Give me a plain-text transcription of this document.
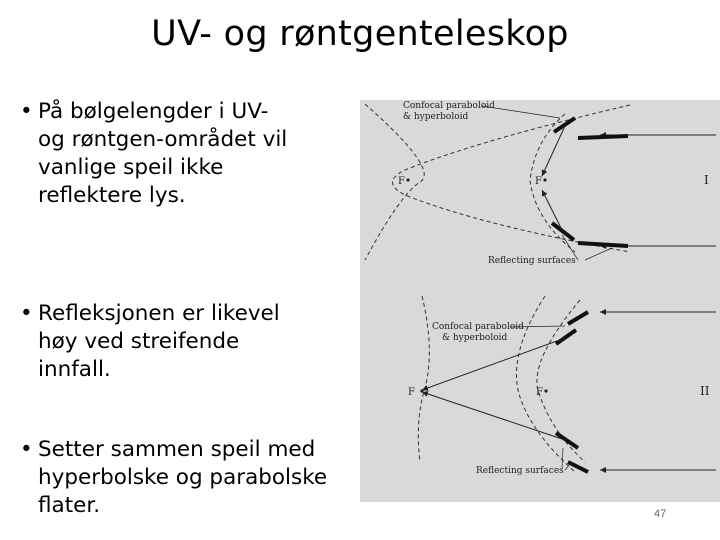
UV- og røntgenteleskop
• På bølgelengder i UV- og røntgen-området vil vanlige speil ikke reflektere lys.
• Refleksjonen er likevel høy ved streifende innfall.
• Setter sammen speil med hyperbolske og parabolske flater.
Confocal paraboloid
& hyperboloid
Reflecting surfaces
F	F	I
Confocal paraboloid
& hyperboloid
Reflecting surfaces
F	F	II
47
